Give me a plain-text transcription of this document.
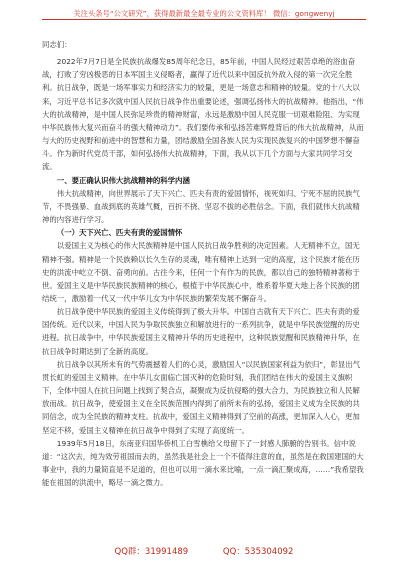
关注头条号“公文研究”，获得最新最全最专业的公文资料库！ 微信：gongwenyj

同志们：

2022年7月7日是全民族抗战爆发85周年纪念日，85年前，中国人民经过艰苦卓绝的浴血奋战，打败了穷凶极恶的日本军国主义侵略者，赢得了近代以来中国反抗外敌入侵的第一次完全胜利。抗日战争，既是一场军事实力和经济实力的较量，更是一场意志和精神的较量。党的十八大以来，习近平总书记多次就中国人民抗日战争作出重要论述，强调弘扬伟大的抗战精神。他指出，“伟大的抗战精神，是中国人民弥足珍贵的精神财富，永远是激励中国人民克服一切艰难险阻、为实现中华民族伟大复兴而奋斗的强大精神动力”。我们要传承和弘扬苦难辉煌背后的伟大抗战精神，从而与大的历史视野和前进中的智慧和力量，团结激励全国各族人民为实现民族复兴的中国梦想不懈奋斗。作为新时代党员干部，如何弘扬伟大抗战精神，下面，我从以下几个方面与大家共同学习交流。

一、要正确认识伟大抗战精神的科学内涵

伟大抗战精神，向世界展示了天下兴亡、匹夫有责的爱国情怀，视死如归、宁死不屈的民族气节，不畏强暴、血战到底的英雄气概，百折不挠、坚忍不拔的必胜信念。下面，我们就伟大抗战精神的内容进行学习。

（一）天下兴亡、匹夫有责的爱国情怀

以爱国主义为核心的伟大民族精神是中国人民抗日战争胜利的决定因素。人无精神不立，国无精神不强。精神是一个民族赖以长久生存的灵魂，唯有精神上达到一定的高度，这个民族才能在历史的洪流中屹立不倒、奋勇向前。古往今来，任何一个有作为的民族，都以自己的独特精神著称于世。爱国主义是中华民族民族精神的核心，根植于中华民族心中，维系着华夏大地上各个民族的团结统一，激励着一代又一代中华儿女为中华民族的繁荣发展不懈奋斗。

抗日战争使中华民族的爱国主义传统得到了极大升华。中国自古就有天下兴亡、匹夫有责的爱国传统。近代以来，中国人民为争取民族独立和解放进行的一系列抗争，就是中华民族觉醒的历史进程。抗日战争中，中华民族爱国主义精神升华的历史进程中，这种民族觉醒和民族精神升华，在抗日战争时期达到了全新的高度。

抗日战争以其所未有的气势震撼着人们的心灵，激励国人“以民族国家利益为依归”，彰显出气贯长虹的爱国主义精神。在中华儿女面临亡国灭种的危险时刻，我们团结在伟大的爱国主义旗帜下，全体中国人在抗日问题上找到了契合点，凝聚成为反抗侵略的强大合力，为民族独立和人民解放而战。抗日战争，使爱国主义在全民族范围内得到了前所未有的弘扬，爱国主义成为全民族的共同信念，成为全民族的精神支柱。抗战中，爱国主义精神得到了空前的高涨，更加深入人心，更加坚定不移，爱国主义精神在抗日战争中得到了实现了高度统一。

1939年5月18日，东南亚归国华侨机工白雪樵给父母留下了一封感人肺腑的告别书。信中说道：“这次去，纯为效劳祖国而去的，虽然我是社会上一个不值得注意的血，虽然是在救国建国的大事业中，我的力量简直是不足道的，但也可以用一滴水来比喻，一点一滴汇聚成海，……”我希望我能在祖国的洪流中，略尽一滴之微力。

QQ群：31991489	QQ：535304092
